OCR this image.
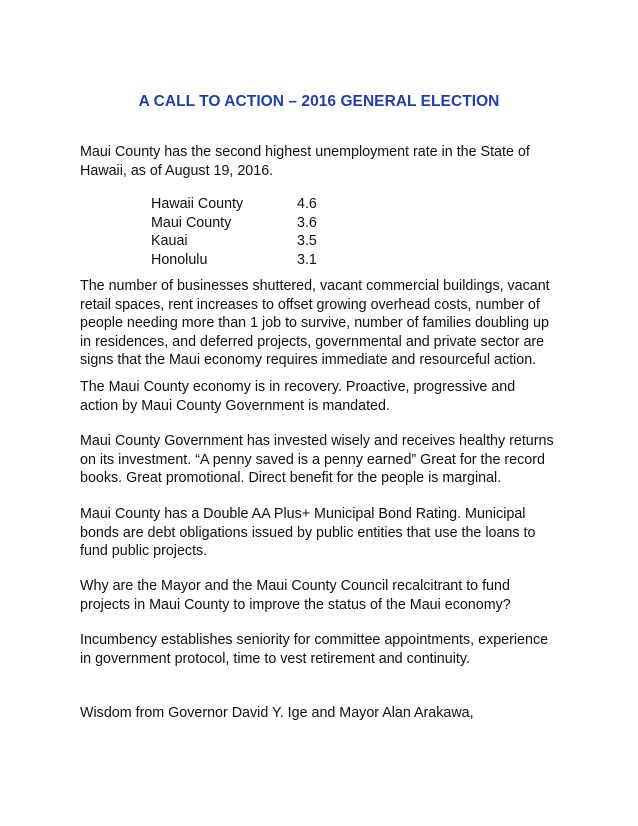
A CALL TO ACTION – 2016 GENERAL ELECTION

Maui County has the second highest unemployment rate in the State of
Hawaii, as of August 19, 2016.

Hawaii County	4.6
Maui County	3.6
Kauai	3.5
Honolulu	3.1

The number of businesses shuttered, vacant commercial buildings, vacant
retail spaces, rent increases to offset growing overhead costs, number of
people needing more than 1 job to survive, number of families doubling up
in residences, and deferred projects, governmental and private sector are
signs that the Maui economy requires immediate and resourceful action.

The Maui County economy is in recovery. Proactive, progressive and
action by Maui County Government is mandated.

Maui County Government has invested wisely and receives healthy returns
on its investment. “A penny saved is a penny earned” Great for the record
books. Great promotional. Direct benefit for the people is marginal.

Maui County has a Double AA Plus+ Municipal Bond Rating. Municipal
bonds are debt obligations issued by public entities that use the loans to
fund public projects.

Why are the Mayor and the Maui County Council recalcitrant to fund
projects in Maui County to improve the status of the Maui economy?

Incumbency establishes seniority for committee appointments, experience
in government protocol, time to vest retirement and continuity.

Wisdom from Governor David Y. Ige and Mayor Alan Arakawa,
